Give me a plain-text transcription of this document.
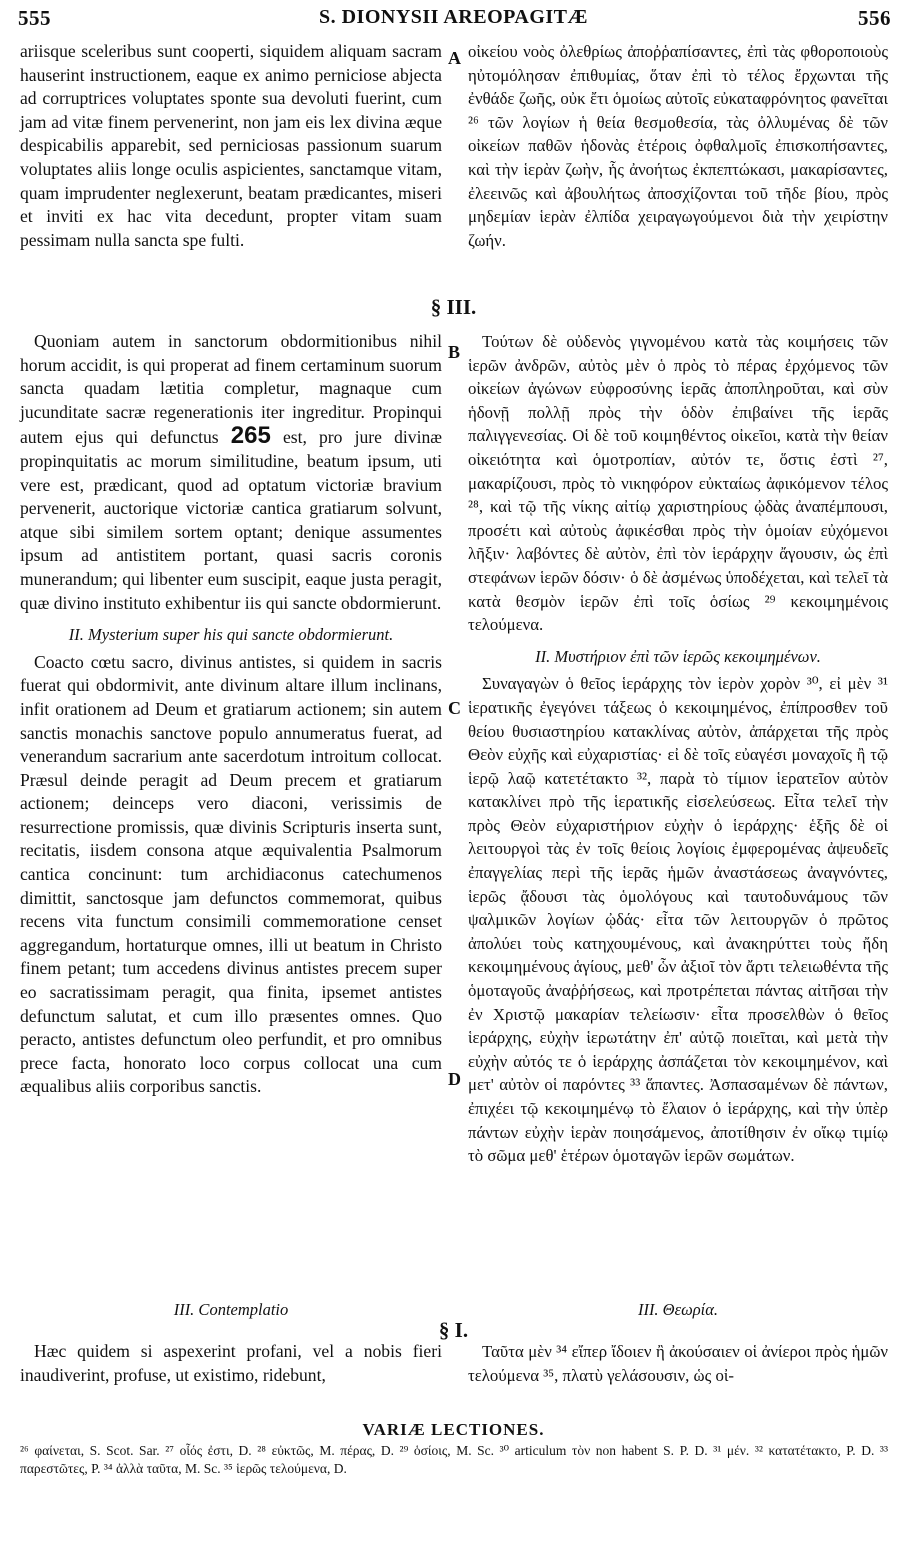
555	S. DIONYSII AREOPAGITÆ	556
A
B
C
D

ariisque sceleribus sunt cooperti, siquidem aliquam sacram hauserint instructionem, eaque ex animo perniciose abjecta ad corruptrices voluptates sponte sua devoluti fuerint, cum jam ad vitæ finem pervenerint, non jam eis lex divina æque despicabilis apparebit, sed perniciosas passionum suarum voluptates aliis longe oculis aspicientes, sanctamque vitam, quam imprudenter neglexerunt, beatam prædicantes, miseri et inviti ex hac vita decedunt, propter vitam suam pessimam nulla sancta spe fulti.

οἰκείου νοὸς ὀλεθρίως ἀποῤῥαπίσαντες, ἐπὶ τὰς φθοροποιοὺς ηὐτομόλησαν ἐπιθυμίας, ὅταν ἐπὶ τὸ τέλος ἔρχωνται τῆς ἐνθάδε ζωῆς, οὐκ ἔτι ὁμοίως αὐτοῖς εὐκαταφρόνητος φανεῖται ²⁶ τῶν λογίων ἡ θεία θεσμοθεσία, τὰς ὀλλυμένας δὲ τῶν οἰκείων παθῶν ἡδονὰς ἑτέροις ὀφθαλμοῖς ἐπισκοπήσαντες, καὶ τὴν ἱερὰν ζωὴν, ἧς ἀνοήτως ἐκπεπτώκασι, μακαρίσαντες, ἐλεεινῶς καὶ ἀβουλήτως ἀποσχίζονται τοῦ τῆδε βίου, πρὸς μηδεμίαν ἱερὰν ἐλπίδα χειραγωγούμενοι διὰ τὴν χειρίστην ζωήν.

§ III.

Quoniam autem in sanctorum obdormitionibus nihil horum accidit, is qui properat ad finem certaminum suorum sancta quadam lætitia completur, magnaque cum jucunditate sacræ regenerationis iter ingreditur. Propinqui autem ejus qui defunctus 265 est, pro jure divinæ propinquitatis ac morum similitudine, beatum ipsum, uti vere est, prædicant, quod ad optatum victoriæ bravium pervenerit, auctorique victoriæ cantica gratiarum solvunt, atque sibi similem sortem optant; denique assumentes ipsum ad antistitem portant, quasi sacris coronis munerandum; qui libenter eum suscipit, eaque justa peragit, quæ divino instituto exhibentur iis qui sancte obdormierunt.

II. Mysterium super his qui sancte obdormierunt.

Coacto cœtu sacro, divinus antistes, si quidem in sacris fuerat qui obdormivit, ante divinum altare illum inclinans, infit orationem ad Deum et gratiarum actionem; sin autem sanctis monachis sanctove populo annumeratus fuerat, ad venerandum sacrarium ante sacerdotum introitum collocat. Præsul deinde peragit ad Deum precem et gratiarum actionem; deinceps vero diaconi, verissimis de resurrectione promissis, quæ divinis Scripturis inserta sunt, recitatis, iisdem consona atque æquivalentia Psalmorum cantica concinunt: tum archidiaconus catechumenos dimittit, sanctosque jam defunctos commemorat, quibus recens vita functum consimili commemoratione censet aggregandum, hortaturque omnes, illi ut beatum in Christo finem petant; tum accedens divinus antistes precem super eo sacratissimam peragit, qua finita, ipsemet antistes defunctum salutat, et cum illo præsentes omnes. Quo peracto, antistes defunctum oleo perfundit, et pro omnibus prece facta, honorato loco corpus collocat una cum æqualibus aliis corporibus sanctis.

Τούτων δὲ οὐδενὸς γιγνομένου κατὰ τὰς κοιμήσεις τῶν ἱερῶν ἀνδρῶν, αὐτὸς μὲν ὁ πρὸς τὸ πέρας ἐρχόμενος τῶν οἰκείων ἀγώνων εὐφροσύνης ἱερᾶς ἀποπληροῦται, καὶ σὺν ἡδονῇ πολλῇ πρὸς τὴν ὁδὸν ἐπιβαίνει τῆς ἱερᾶς παλιγγενεσίας. Οἱ δὲ τοῦ κοιμηθέντος οἰκεῖοι, κατὰ τὴν θείαν οἰκειότητα καὶ ὁμοτροπίαν, αὐτόν τε, ὅστις ἐστὶ ²⁷, μακαρίζουσι, πρὸς τὸ νικηφόρον εὐκταίως ἀφικόμενον τέλος ²⁸, καὶ τῷ τῆς νίκης αἰτίῳ χαριστηρίους ᾠδὰς ἀναπέμπουσι, προσέτι καὶ αὐτοὺς ἀφικέσθαι πρὸς τὴν ὁμοίαν εὐχόμενοι λῆξιν· λαβόντες δὲ αὐτὸν, ἐπὶ τὸν ἱεράρχην ἄγουσιν, ὡς ἐπὶ στεφάνων ἱερῶν δόσιν· ὁ δὲ ἀσμένως ὑποδέχεται, καὶ τελεῖ τὰ κατὰ θεσμὸν ἱερῶν ἐπὶ τοῖς ὁσίως ²⁹ κεκοιμημένοις τελούμενα.

II. Μυστήριον ἐπὶ τῶν ἱερῶς κεκοιμημένων.

Συναγαγὼν ὁ θεῖος ἱεράρχης τὸν ἱερὸν χορὸν ³⁰, εἰ μὲν ³¹ ἱερατικῆς ἐγεγόνει τάξεως ὁ κεκοιμημένος, ἐπίπροσθεν τοῦ θείου θυσιαστηρίου κατακλίνας αὐτὸν, ἀπάρχεται τῆς πρὸς Θεὸν εὐχῆς καὶ εὐχαριστίας· εἰ δὲ τοῖς εὐαγέσι μοναχοῖς ἢ τῷ ἱερῷ λαῷ κατετέτακτο ³², παρὰ τὸ τίμιον ἱερατεῖον αὐτὸν κατακλίνει πρὸ τῆς ἱερατικῆς εἰσελεύσεως. Εἶτα τελεῖ τὴν πρὸς Θεὸν εὐχαριστήριον εὐχὴν ὁ ἱεράρχης· ἑξῆς δὲ οἱ λειτουργοὶ τὰς ἐν τοῖς θείοις λογίοις ἐμφερομένας ἀψευδεῖς ἐπαγγελίας περὶ τῆς ἱερᾶς ἡμῶν ἀναστάσεως ἀναγνόντες, ἱερῶς ᾄδουσι τὰς ὁμολόγους καὶ ταυτοδυνάμους τῶν ψαλμικῶν λογίων ᾠδάς· εἶτα τῶν λειτουργῶν ὁ πρῶτος ἀπολύει τοὺς κατηχουμένους, καὶ ἀνακηρύττει τοὺς ἤδη κεκοιμημένους ἁγίους, μεθ' ὧν ἀξιοῖ τὸν ἄρτι τελειωθέντα τῆς ὁμοταγοῦς ἀναῤῥήσεως, καὶ προτρέπεται πάντας αἰτῆσαι τὴν ἐν Χριστῷ μακαρίαν τελείωσιν· εἶτα προσελθὼν ὁ θεῖος ἱεράρχης, εὐχὴν ἱερωτάτην ἐπ' αὐτῷ ποιεῖται, καὶ μετὰ τὴν εὐχὴν αὐτός τε ὁ ἱεράρχης ἀσπάζεται τὸν κεκοιμημένον, καὶ μετ' αὐτὸν οἱ παρόντες ³³ ἅπαντες. Ἀσπασαμένων δὲ πάντων, ἐπιχέει τῷ κεκοιμημένῳ τὸ ἔλαιον ὁ ἱεράρχης, καὶ τὴν ὑπὲρ πάντων εὐχὴν ἱερὰν ποιησάμενος, ἀποτίθησιν ἐν οἴκῳ τιμίῳ τὸ σῶμα μεθ' ἑτέρων ὁμοταγῶν ἱερῶν σωμάτων.

III. Contemplatio	III. Θεωρία.

§ I.

Hæc quidem si aspexerint profani, vel a nobis fieri inaudiverint, profuse, ut existimo, ridebunt,

Ταῦτα μὲν ³⁴ εἴπερ ἴδοιεν ἢ ἀκούσαιεν οἱ ἀνίεροι πρὸς ἡμῶν τελούμενα ³⁵, πλατὺ γελάσουσιν, ὡς οἰ-

VARIÆ LECTIONES.
²⁶ φαίνεται, S. Scot. Sar. ²⁷ οἷός ἐστι, D. ²⁸ εὐκτῶς, M. πέρας, D. ²⁹ ὁσίοις, M. Sc. ³⁰ articulum τὸν non habent S. P. D. ³¹ μέν. ³² κατατέτακτο, P. D. ³³ παρεστῶτες, P. ³⁴ ἀλλὰ ταῦτα, M. Sc. ³⁵ ἱερῶς τελούμενα, D.
